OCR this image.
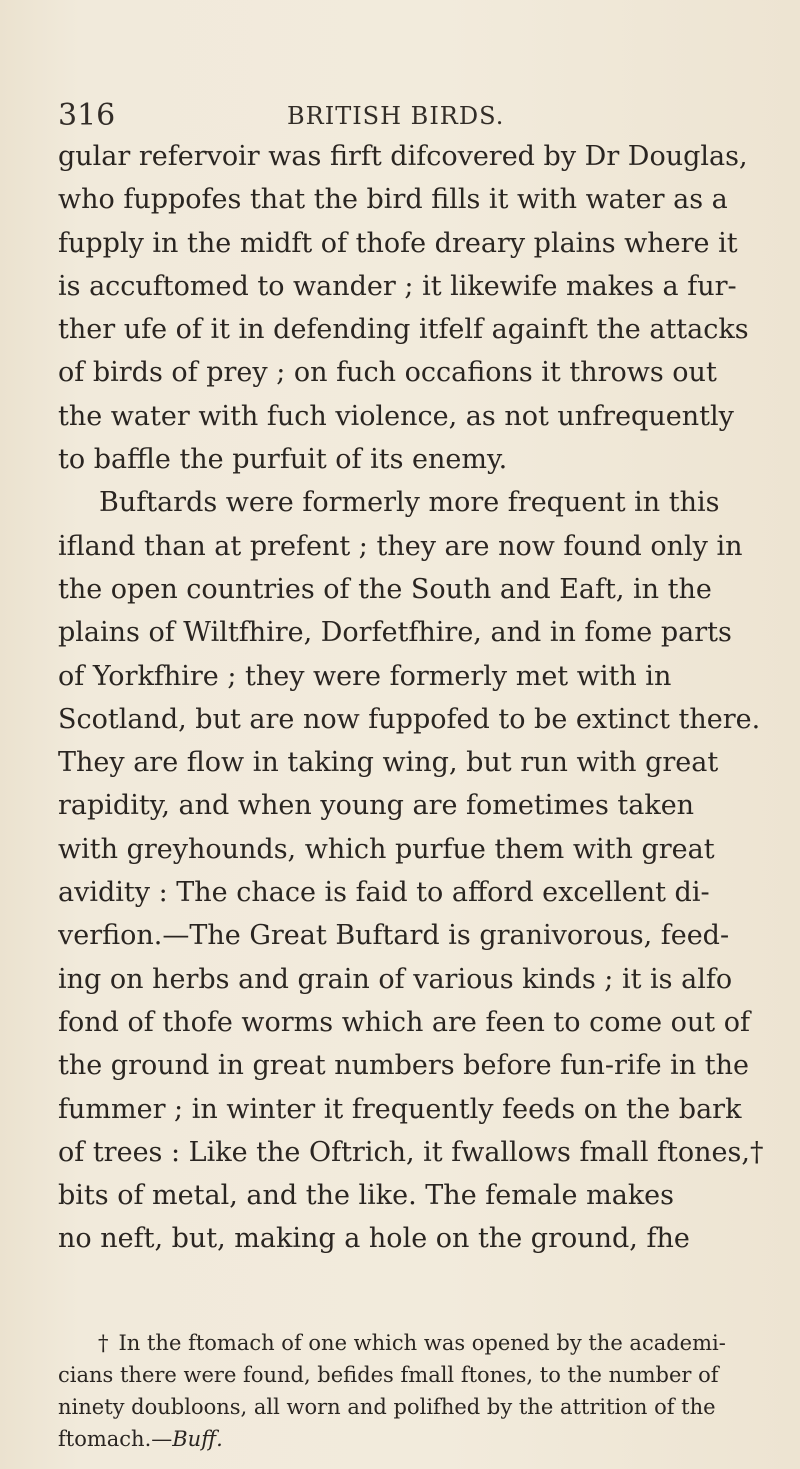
316	BRITISH BIRDS.
gular refervoir was firft difcovered by Dr Douglas,
who fuppofes that the bird fills it with water as a
fupply in the midft of thofe dreary plains where it
is accuftomed to wander ; it likewife makes a fur-
ther ufe of it in defending itfelf againft the attacks
of birds of prey ; on fuch occafions it throws out
the water with fuch violence, as not unfrequently
to baffle the purfuit of its enemy.
Buftards were formerly more frequent in this
ifland than at prefent ; they are now found only in
the open countries of the South and Eaft, in the
plains of Wiltfhire, Dorfetfhire, and in fome parts
of Yorkfhire ; they were formerly met with in
Scotland, but are now fuppofed to be extinct there.
They are flow in taking wing, but run with great
rapidity, and when young are fometimes taken
with greyhounds, which purfue them with great
avidity : The chace is faid to afford excellent di-
verfion.—The Great Buftard is granivorous, feed-
ing on herbs and grain of various kinds ; it is alfo
fond of thofe worms which are feen to come out of
the ground in great numbers before fun-rife in the
fummer ; in winter it frequently feeds on the bark
of trees : Like the Oftrich, it fwallows fmall ftones,†
bits of metal, and the like. The female makes
no neft, but, making a hole on the ground, fhe
† In the ftomach of one which was opened by the academi-
cians there were found, befides fmall ftones, to the number of
ninety doubloons, all worn and polifhed by the attrition of the
ftomach.—Buff.
